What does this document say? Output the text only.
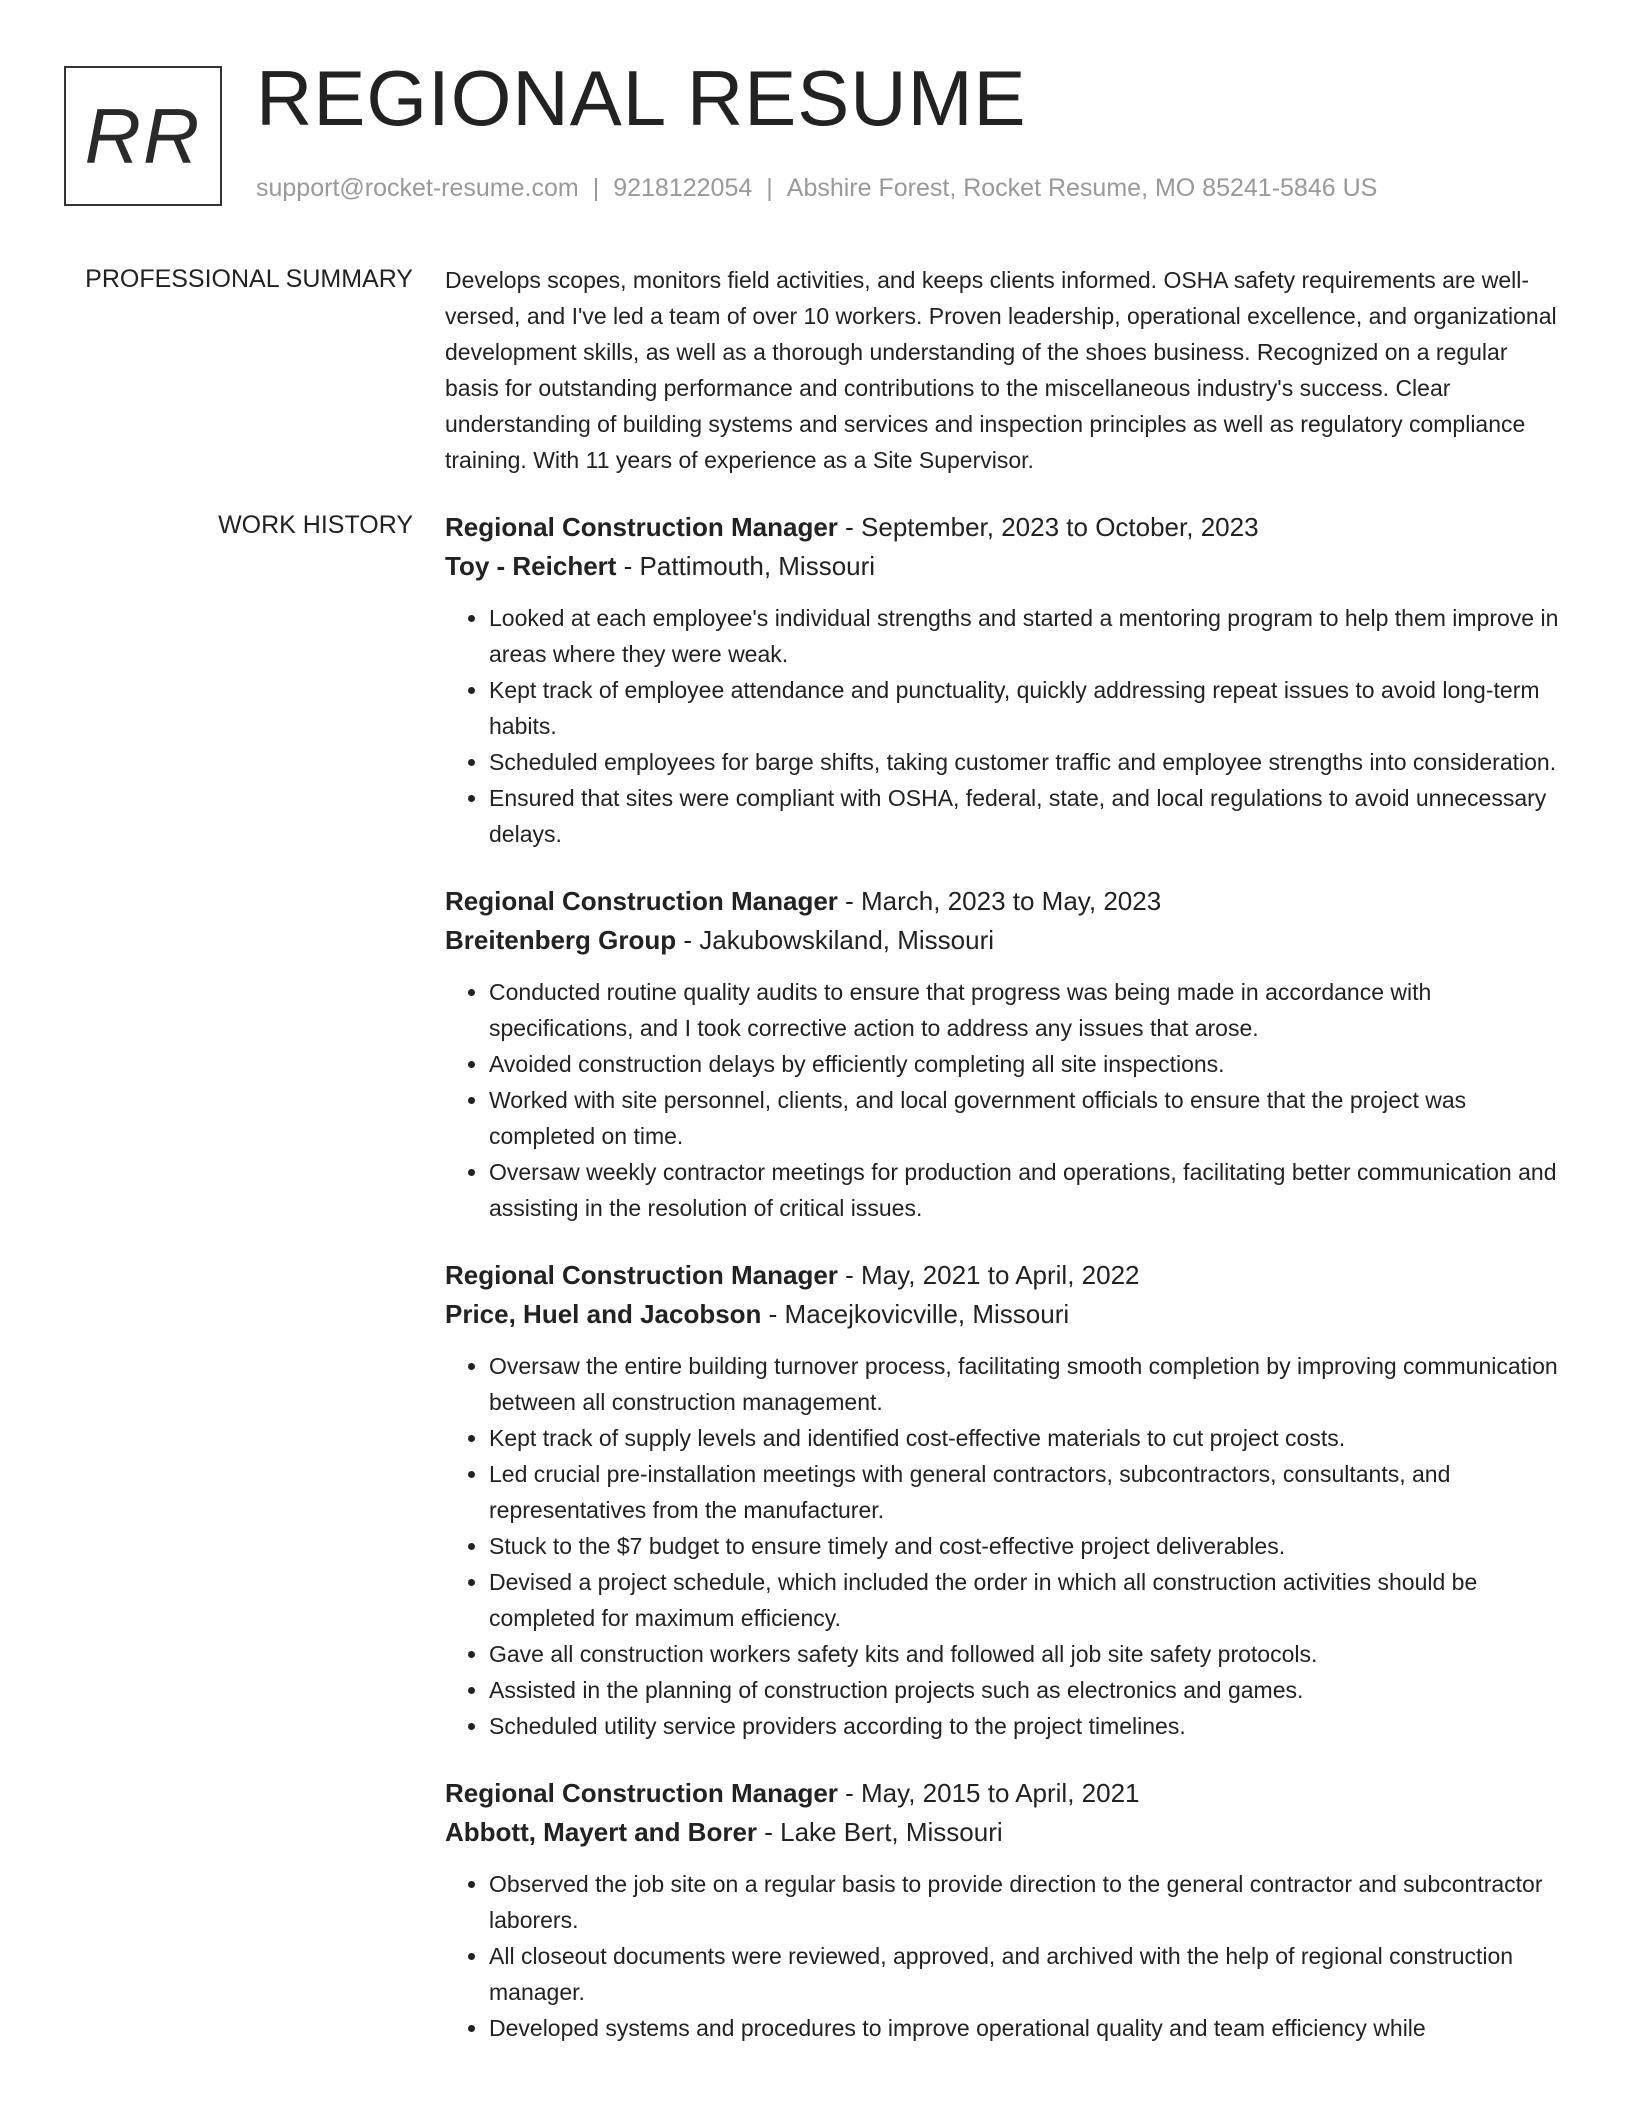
RR REGIONAL RESUME
support@rocket-resume.com | 9218122054 | Abshire Forest, Rocket Resume, MO 85241-5846 US
PROFESSIONAL SUMMARY Develops scopes, monitors field activities, and keeps clients informed. OSHA safety requirements are well-versed, and I've led a team of over 10 workers. Proven leadership, operational excellence, and organizational development skills, as well as a thorough understanding of the shoes business. Recognized on a regular basis for outstanding performance and contributions to the miscellaneous industry's success. Clear understanding of building systems and services and inspection principles as well as regulatory compliance training. With 11 years of experience as a Site Supervisor.

WORK HISTORY Regional Construction Manager - September, 2023 to October, 2023
Toy - Reichert - Pattimouth, Missouri
• Looked at each employee's individual strengths and started a mentoring program to help them improve in areas where they were weak.
• Kept track of employee attendance and punctuality, quickly addressing repeat issues to avoid long-term habits.
• Scheduled employees for barge shifts, taking customer traffic and employee strengths into consideration.
• Ensured that sites were compliant with OSHA, federal, state, and local regulations to avoid unnecessary delays.
Regional Construction Manager - March, 2023 to May, 2023
Breitenberg Group - Jakubowskiland, Missouri
• Conducted routine quality audits to ensure that progress was being made in accordance with specifications, and I took corrective action to address any issues that arose.
• Avoided construction delays by efficiently completing all site inspections.
• Worked with site personnel, clients, and local government officials to ensure that the project was completed on time.
• Oversaw weekly contractor meetings for production and operations, facilitating better communication and assisting in the resolution of critical issues.
Regional Construction Manager - May, 2021 to April, 2022
Price, Huel and Jacobson - Macejkovicville, Missouri
• Oversaw the entire building turnover process, facilitating smooth completion by improving communication between all construction management.
• Kept track of supply levels and identified cost-effective materials to cut project costs.
• Led crucial pre-installation meetings with general contractors, subcontractors, consultants, and representatives from the manufacturer.
• Stuck to the $7 budget to ensure timely and cost-effective project deliverables.
• Devised a project schedule, which included the order in which all construction activities should be completed for maximum efficiency.
• Gave all construction workers safety kits and followed all job site safety protocols.
• Assisted in the planning of construction projects such as electronics and games.
• Scheduled utility service providers according to the project timelines.
Regional Construction Manager - May, 2015 to April, 2021
Abbott, Mayert and Borer - Lake Bert, Missouri
• Observed the job site on a regular basis to provide direction to the general contractor and subcontractor laborers.
• All closeout documents were reviewed, approved, and archived with the help of regional construction manager.
• Developed systems and procedures to improve operational quality and team efficiency while
